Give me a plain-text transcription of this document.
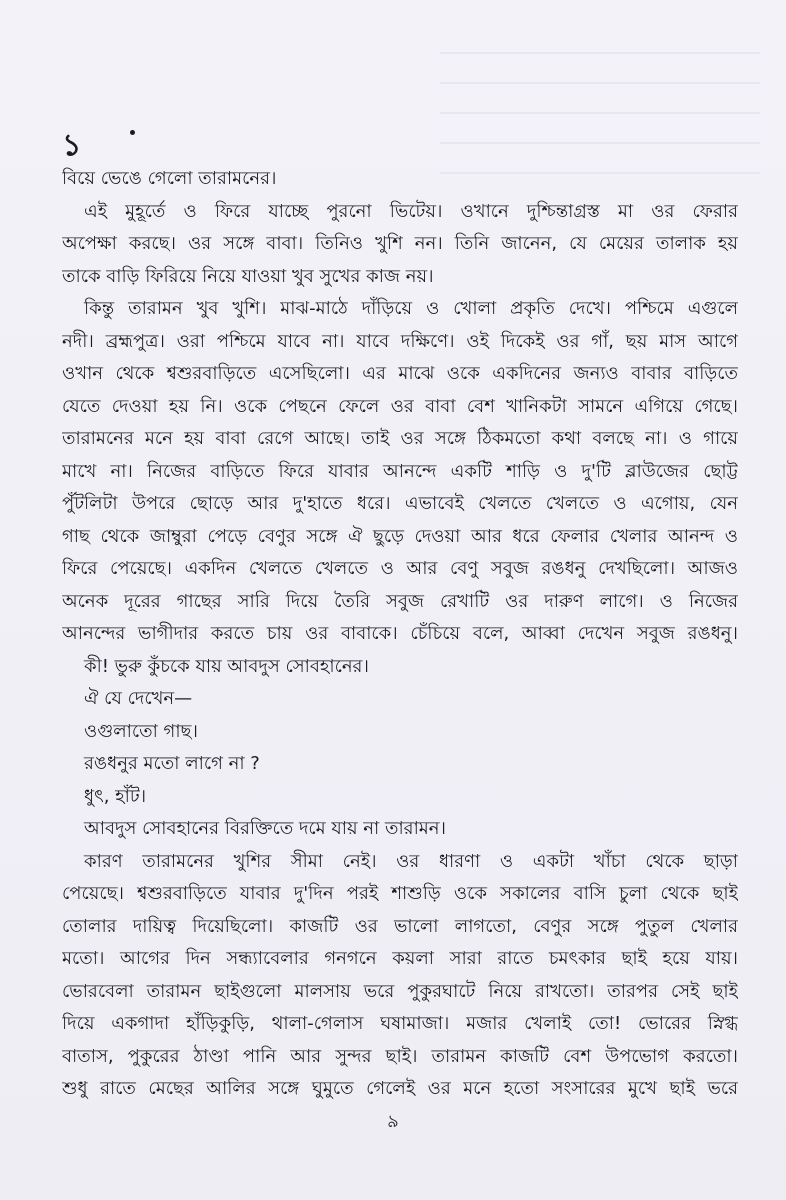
১
বিয়ে ভেঙে গেলো তারামনের।
এই মুহূর্তে ও ফিরে যাচ্ছে পুরনো ভিটেয়। ওখানে দুশ্চিন্তাগ্রস্ত মা ওর ফেরার
অপেক্ষা করছে। ওর সঙ্গে বাবা। তিনিও খুশি নন। তিনি জানেন, যে মেয়ের তালাক হয়
তাকে বাড়ি ফিরিয়ে নিয়ে যাওয়া খুব সুখের কাজ নয়।
কিন্তু তারামন খুব খুশি। মাঝ-মাঠে দাঁড়িয়ে ও খোলা প্রকৃতি দেখে। পশ্চিমে এগুলে
নদী। ব্রহ্মপুত্র। ওরা পশ্চিমে যাবে না। যাবে দক্ষিণে। ওই দিকেই ওর গাঁ, ছয় মাস আগে
ওখান থেকে শ্বশুরবাড়িতে এসেছিলো। এর মাঝে ওকে একদিনের জন্যও বাবার বাড়িতে
যেতে দেওয়া হয় নি। ওকে পেছনে ফেলে ওর বাবা বেশ খানিকটা সামনে এগিয়ে গেছে।
তারামনের মনে হয় বাবা রেগে আছে। তাই ওর সঙ্গে ঠিকমতো কথা বলছে না। ও গায়ে
মাখে না। নিজের বাড়িতে ফিরে যাবার আনন্দে একটি শাড়ি ও দু'টি ব্লাউজের ছোট্ট
পুঁটলিটা উপরে ছোড়ে আর দু'হাতে ধরে। এভাবেই খেলতে খেলতে ও এগোয়, যেন
গাছ থেকে জাম্বুরা পেড়ে বেণুর সঙ্গে ঐ ছুড়ে দেওয়া আর ধরে ফেলার খেলার আনন্দ ও
ফিরে পেয়েছে। একদিন খেলতে খেলতে ও আর বেণু সবুজ রঙধনু দেখছিলো। আজও
অনেক দূরের গাছের সারি দিয়ে তৈরি সবুজ রেখাটি ওর দারুণ লাগে। ও নিজের
আনন্দের ভাগীদার করতে চায় ওর বাবাকে। চেঁচিয়ে বলে, আব্বা দেখেন সবুজ রঙধনু।
কী! ভুরু কুঁচকে যায় আবদুস সোবহানের।
ঐ যে দেখেন—
ওগুলাতো গাছ।
রঙধনুর মতো লাগে না ?
ধুৎ, হাঁট।
আবদুস সোবহানের বিরক্তিতে দমে যায় না তারামন।
কারণ তারামনের খুশির সীমা নেই। ওর ধারণা ও একটা খাঁচা থেকে ছাড়া
পেয়েছে। শ্বশুরবাড়িতে যাবার দু'দিন পরই শাশুড়ি ওকে সকালের বাসি চুলা থেকে ছাই
তোলার দায়িত্ব দিয়েছিলো। কাজটি ওর ভালো লাগতো, বেণুর সঙ্গে পুতুল খেলার
মতো। আগের দিন সন্ধ্যাবেলার গনগনে কয়লা সারা রাতে চমৎকার ছাই হয়ে যায়।
ভোরবেলা তারামন ছাইগুলো মালসায় ভরে পুকুরঘাটে নিয়ে রাখতো। তারপর সেই ছাই
দিয়ে একগাদা হাঁড়িকুড়ি, থালা-গেলাস ঘষামাজা। মজার খেলাই তো! ভোরের স্নিগ্ধ
বাতাস, পুকুরের ঠাণ্ডা পানি আর সুন্দর ছাই। তারামন কাজটি বেশ উপভোগ করতো।
শুধু রাতে মেছের আলির সঙ্গে ঘুমুতে গেলেই ওর মনে হতো সংসারের মুখে ছাই ভরে
৯
